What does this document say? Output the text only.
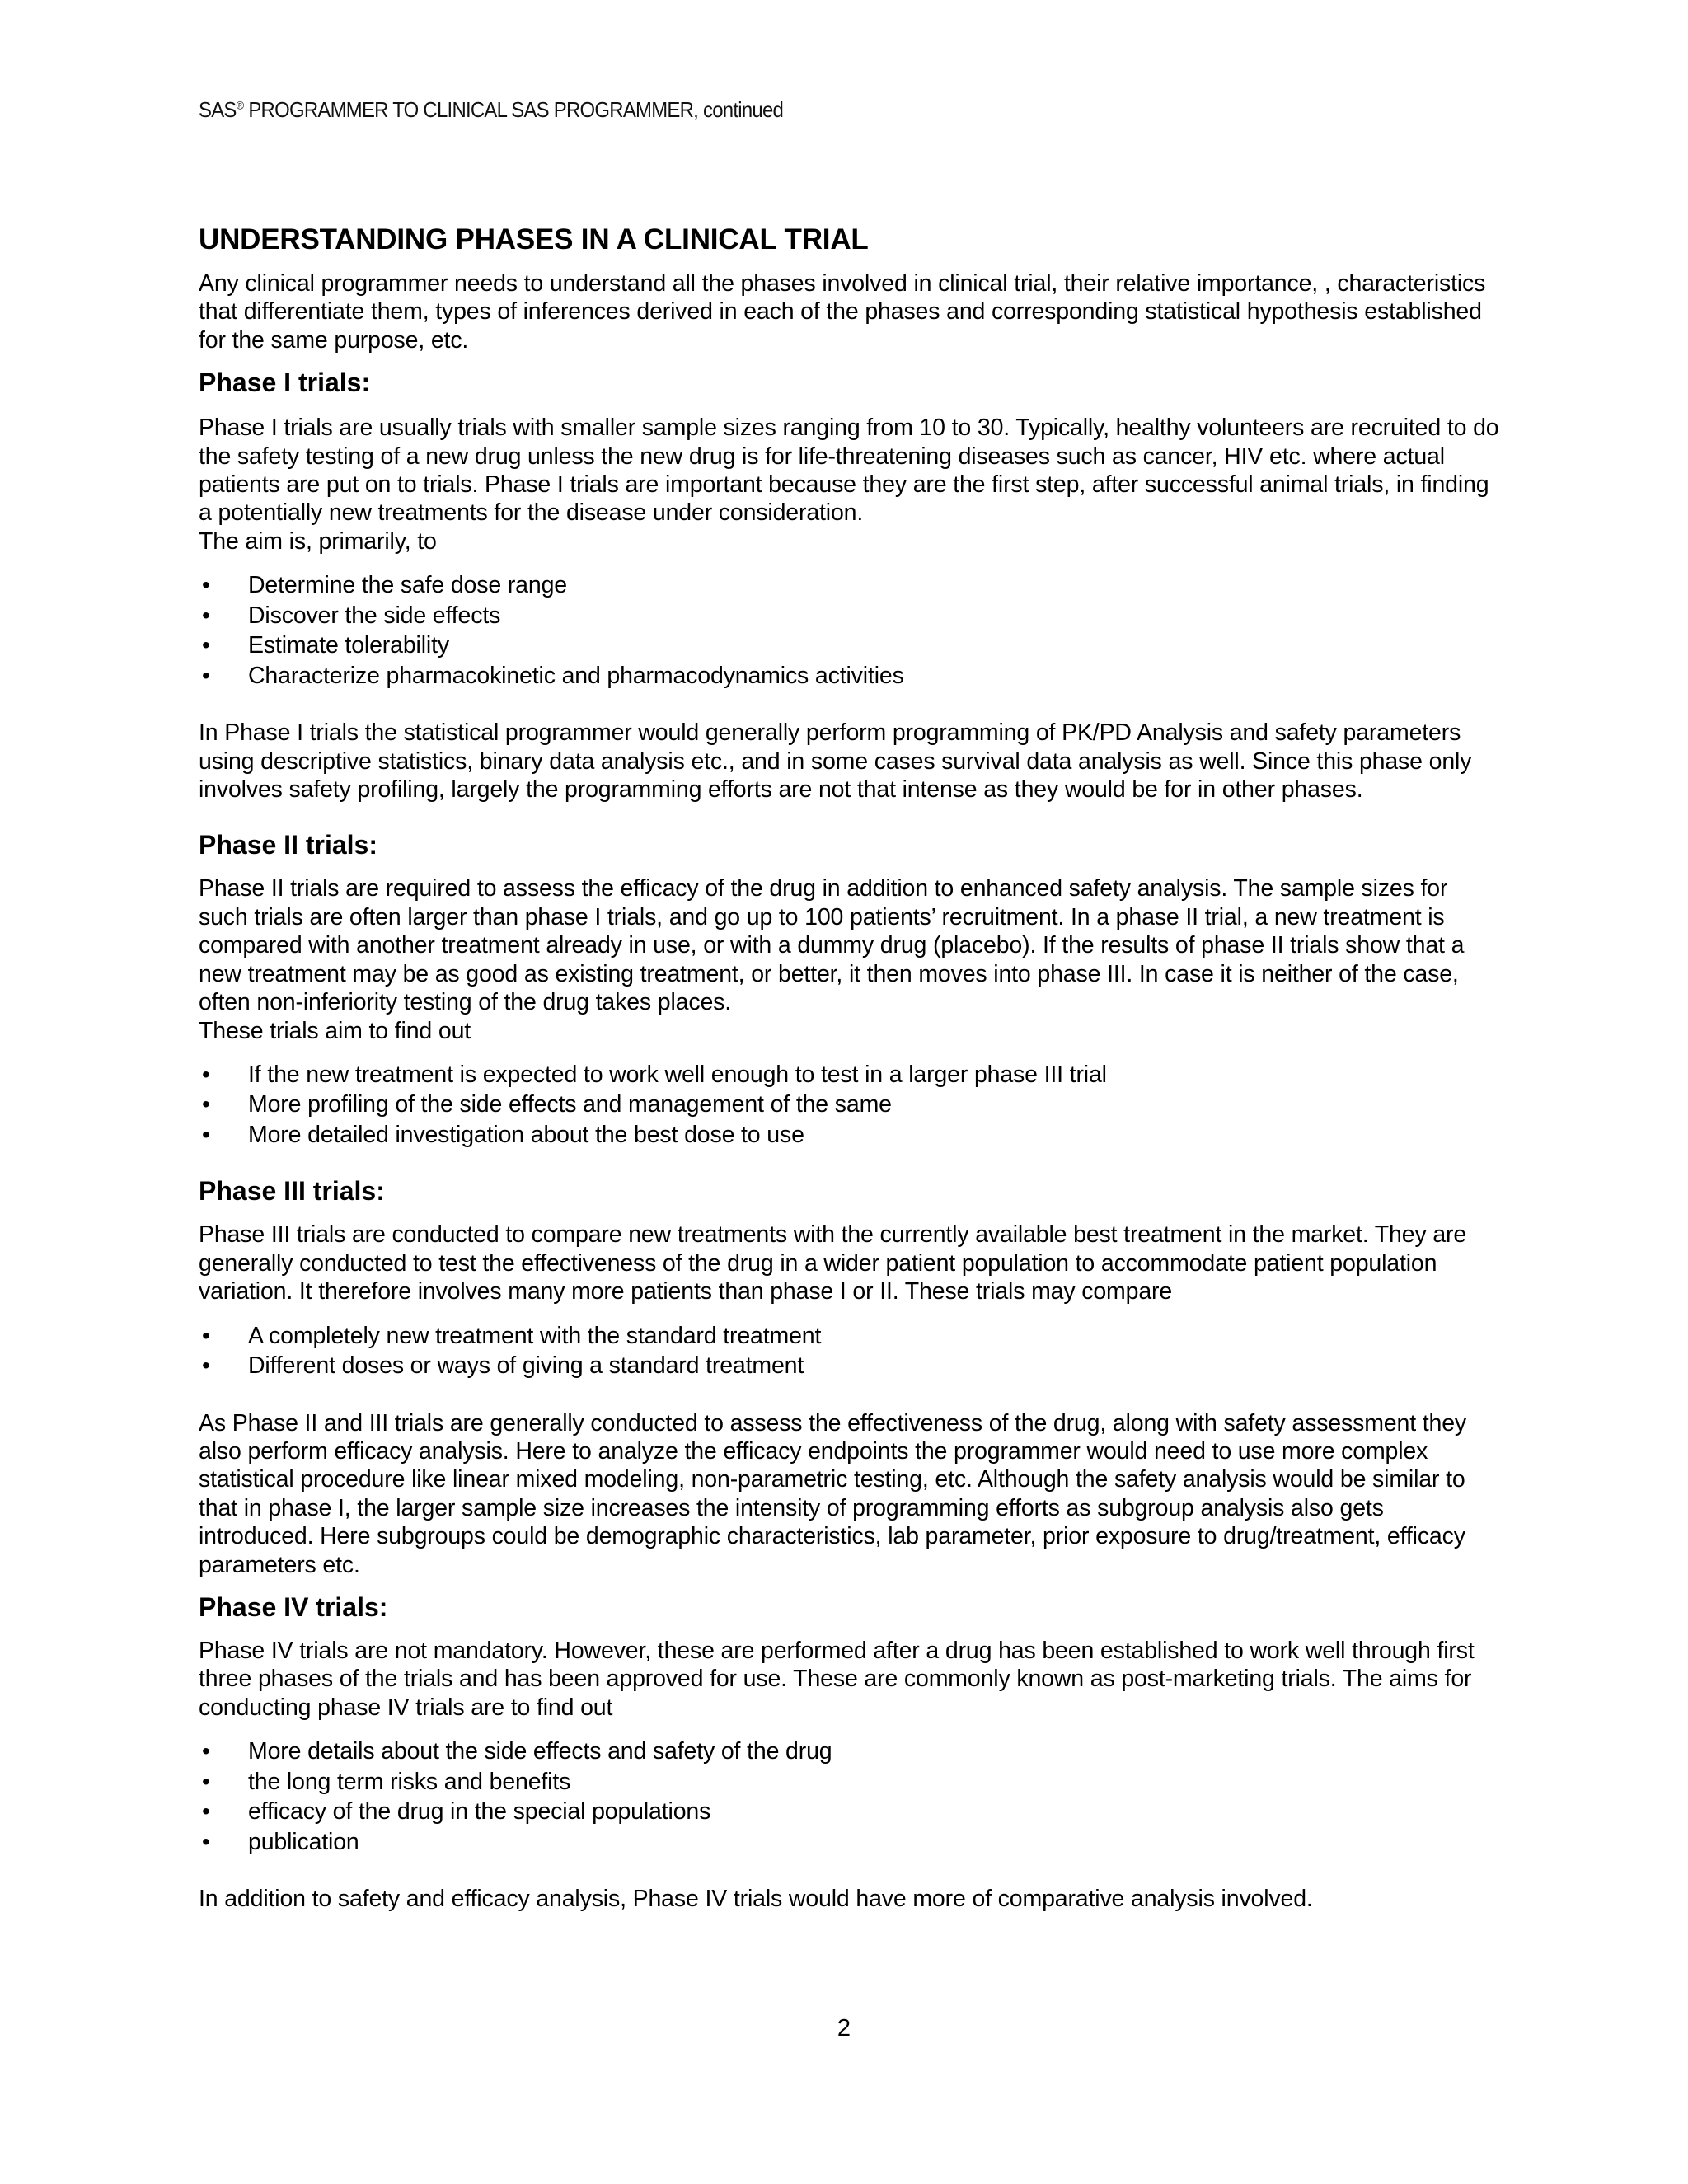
SAS® PROGRAMMER TO CLINICAL SAS PROGRAMMER, continued
UNDERSTANDING PHASES IN A CLINICAL TRIAL

Any clinical programmer needs to understand all the phases involved in clinical trial, their relative importance, , characteristics that differentiate them, types of inferences derived in each of the phases and corresponding statistical hypothesis established for the same purpose, etc.

Phase I trials:

Phase I trials are usually trials with smaller sample sizes ranging from 10 to 30. Typically, healthy volunteers are recruited to do the safety testing of a new drug unless the new drug is for life-threatening diseases such as cancer, HIV etc. where actual patients are put on to trials. Phase I trials are important because they are the first step, after successful animal trials, in finding a potentially new treatments for the disease under consideration.

The aim is, primarily, to

• Determine the safe dose range
• Discover the side effects
• Estimate tolerability
• Characterize pharmacokinetic and pharmacodynamics activities

In Phase I trials the statistical programmer would generally perform programming of PK/PD Analysis and safety parameters using descriptive statistics, binary data analysis etc., and in some cases survival data analysis as well. Since this phase only involves safety profiling, largely the programming efforts are not that intense as they would be for in other phases.

Phase II trials:

Phase II trials are required to assess the efficacy of the drug in addition to enhanced safety analysis. The sample sizes for such trials are often larger than phase I trials, and go up to 100 patients’ recruitment. In a phase II trial, a new treatment is compared with another treatment already in use, or with a dummy drug (placebo). If the results of phase II trials show that a new treatment may be as good as existing treatment, or better, it then moves into phase III. In case it is neither of the case, often non-inferiority testing of the drug takes places.

These trials aim to find out

• If the new treatment is expected to work well enough to test in a larger phase III trial
• More profiling of the side effects and management of the same
• More detailed investigation about the best dose to use
Phase III trials:

Phase III trials are conducted to compare new treatments with the currently available best treatment in the market. They are generally conducted to test the effectiveness of the drug in a wider patient population to accommodate patient population variation. It therefore involves many more patients than phase I or II. These trials may compare

• A completely new treatment with the standard treatment
• Different doses or ways of giving a standard treatment

As Phase II and III trials are generally conducted to assess the effectiveness of the drug, along with safety assessment they also perform efficacy analysis. Here to analyze the efficacy endpoints the programmer would need to use more complex statistical procedure like linear mixed modeling, non-parametric testing, etc. Although the safety analysis would be similar to that in phase I, the larger sample size increases the intensity of programming efforts as subgroup analysis also gets introduced. Here subgroups could be demographic characteristics, lab parameter, prior exposure to drug/treatment, efficacy parameters etc.

Phase IV trials:

Phase IV trials are not mandatory. However, these are performed after a drug has been established to work well through first three phases of the trials and has been approved for use. These are commonly known as post-marketing trials. The aims for conducting phase IV trials are to find out

• More details about the side effects and safety of the drug
• the long term risks and benefits
• efficacy of the drug in the special populations
• publication

In addition to safety and efficacy analysis, Phase IV trials would have more of comparative analysis involved.

2
